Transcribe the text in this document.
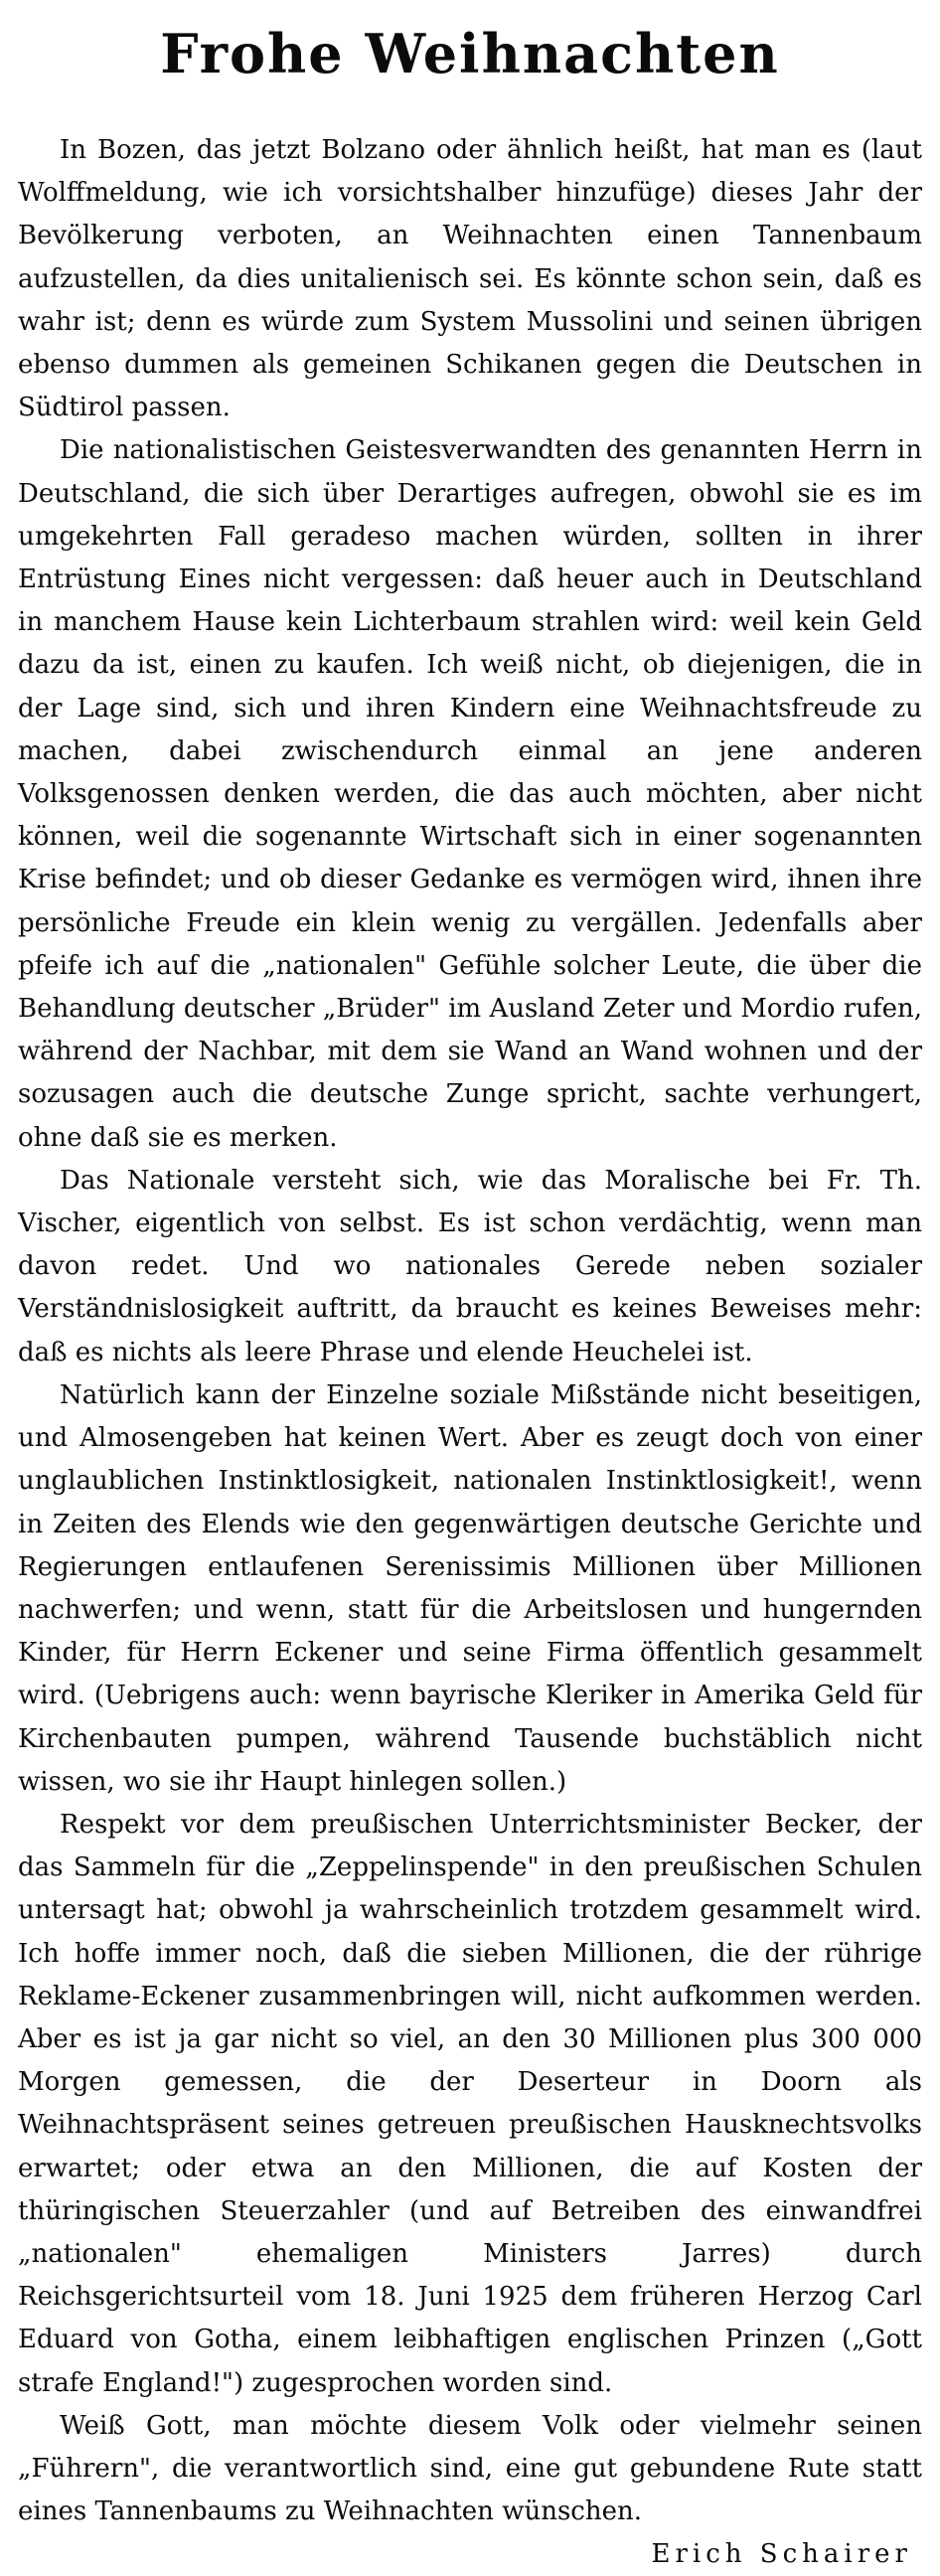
Frohe Weihnachten

In Bozen, das jetzt Bolzano oder ähnlich heißt, hat man es (laut Wolffmeldung, wie ich vorsichtshalber hinzufüge) dieses Jahr der Bevölkerung verboten, an Weihnachten einen Tannenbaum aufzustellen, da dies unitalienisch sei. Es könnte schon sein, daß es wahr ist; denn es würde zum System Mussolini und seinen übrigen ebenso dummen als gemeinen Schikanen gegen die Deutschen in Südtirol passen.

Die nationalistischen Geistesverwandten des genannten Herrn in Deutschland, die sich über Derartiges aufregen, obwohl sie es im umgekehrten Fall geradeso machen würden, sollten in ihrer Entrüstung Eines nicht vergessen: daß heuer auch in Deutschland in manchem Hause kein Lichterbaum strahlen wird: weil kein Geld dazu da ist, einen zu kaufen. Ich weiß nicht, ob diejenigen, die in der Lage sind, sich und ihren Kindern eine Weihnachtsfreude zu machen, dabei zwischendurch einmal an jene anderen Volksgenossen denken werden, die das auch möchten, aber nicht können, weil die sogenannte Wirtschaft sich in einer sogenannten Krise befindet; und ob dieser Gedanke es vermögen wird, ihnen ihre persönliche Freude ein klein wenig zu vergällen. Jedenfalls aber pfeife ich auf die „nationalen" Gefühle solcher Leute, die über die Behandlung deutscher „Brüder" im Ausland Zeter und Mordio rufen, während der Nachbar, mit dem sie Wand an Wand wohnen und der sozusagen auch die deutsche Zunge spricht, sachte verhungert, ohne daß sie es merken.

Das Nationale versteht sich, wie das Moralische bei Fr. Th. Vischer, eigentlich von selbst. Es ist schon verdächtig, wenn man davon redet. Und wo nationales Gerede neben sozialer Verständnislosigkeit auftritt, da braucht es keines Beweises mehr: daß es nichts als leere Phrase und elende Heuchelei ist.

Natürlich kann der Einzelne soziale Mißstände nicht beseitigen, und Almosengeben hat keinen Wert. Aber es zeugt doch von einer unglaublichen Instinktlosigkeit, nationalen Instinktlosigkeit!, wenn in Zeiten des Elends wie den gegenwärtigen deutsche Gerichte und Regierungen entlaufenen Serenissimis Millionen über Millionen nachwerfen; und wenn, statt für die Arbeitslosen und hungernden Kinder, für Herrn Eckener und seine Firma öffentlich gesammelt wird. (Uebrigens auch: wenn bayrische Kleriker in Amerika Geld für Kirchenbauten pumpen, während Tausende buchstäblich nicht wissen, wo sie ihr Haupt hinlegen sollen.)

Respekt vor dem preußischen Unterrichtsminister Becker, der das Sammeln für die „Zeppelinspende" in den preußischen Schulen untersagt hat; obwohl ja wahrscheinlich trotzdem gesammelt wird. Ich hoffe immer noch, daß die sieben Millionen, die der rührige Reklame-Eckener zusammenbringen will, nicht aufkommen werden. Aber es ist ja gar nicht so viel, an den 30 Millionen plus 300 000 Morgen gemessen, die der Deserteur in Doorn als Weihnachtspräsent seines getreuen preußischen Hausknechtsvolks erwartet; oder etwa an den Millionen, die auf Kosten der thüringischen Steuerzahler (und auf Betreiben des einwandfrei „nationalen" ehemaligen Ministers Jarres) durch Reichsgerichtsurteil vom 18. Juni 1925 dem früheren Herzog Carl Eduard von Gotha, einem leibhaftigen englischen Prinzen („Gott strafe England!") zugesprochen worden sind.

Weiß Gott, man möchte diesem Volk oder vielmehr seinen „Führern", die verantwortlich sind, eine gut gebundene Rute statt eines Tannenbaums zu Weihnachten wünschen.

Erich Schairer
